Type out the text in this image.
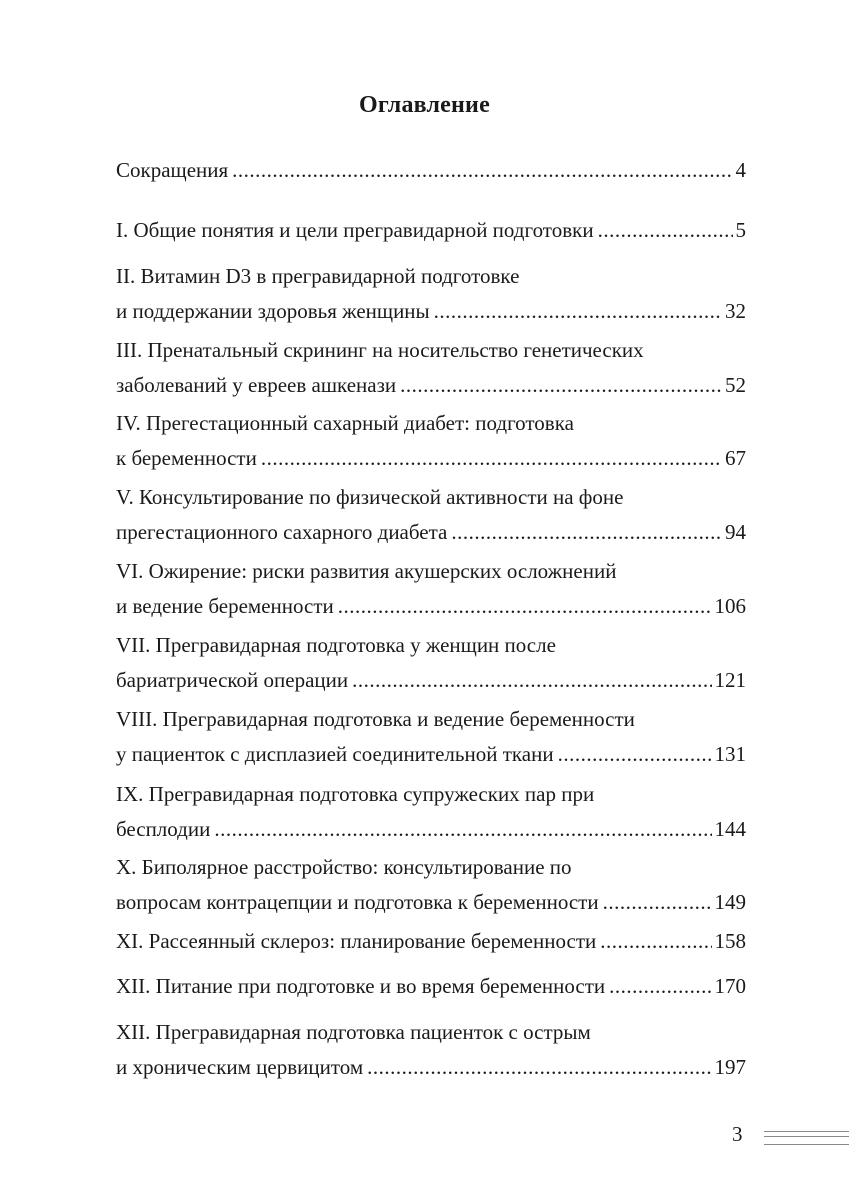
Оглавление
Сокращения .....	4
I. Общие понятия и цели прегравидарной подготовки .....	5
II. Витамин D3 в прегравидарной подготовке
и поддержании здоровья женщины .....	32
III. Пренатальный скрининг на носительство генетических
заболеваний у евреев ашкенази .....	52
IV. Прегестационный сахарный диабет: подготовка
к беременности .....	67
V. Консультирование по физической активности на фоне
прегестационного сахарного диабета .....	94
VI. Ожирение: риски развития акушерских осложнений
и ведение беременности .....	106
VII. Прегравидарная подготовка у женщин после
бариатрической операции .....	121
VIII. Прегравидарная подготовка и ведение беременности
у пациенток с дисплазией соединительной ткани .....	131
IX. Прегравидарная подготовка супружеских пар при
бесплодии .....	144
X. Биполярное расстройство: консультирование по
вопросам контрацепции и подготовка к беременности .....	149
XI. Рассеянный склероз: планирование беременности .....	158
XII. Питание при подготовке и во время беременности .....	170
XII. Прегравидарная подготовка пациенток с острым
и хроническим цервицитом .....	197
3
